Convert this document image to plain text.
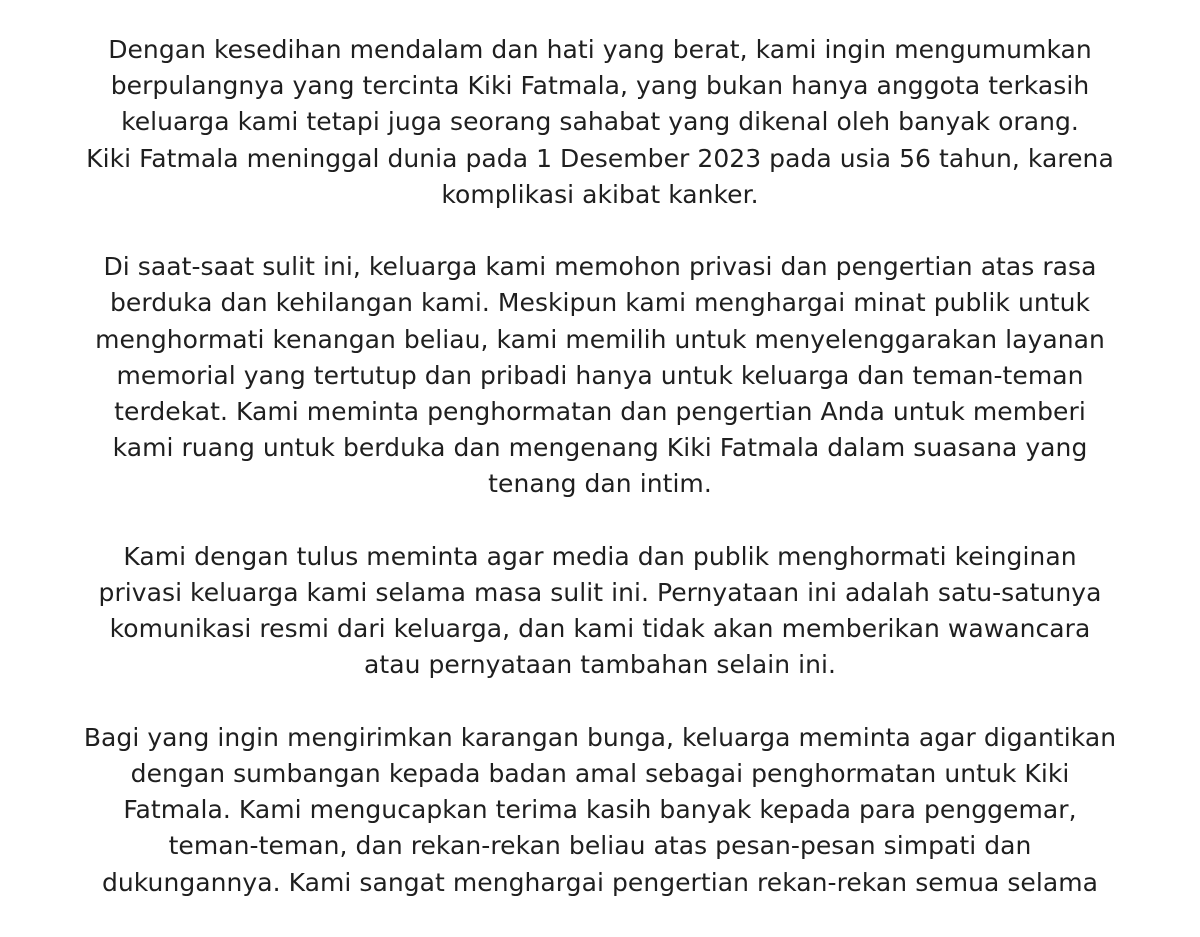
Dengan kesedihan mendalam dan hati yang berat, kami ingin mengumumkan
berpulangnya yang tercinta Kiki Fatmala, yang bukan hanya anggota terkasih
keluarga kami tetapi juga seorang sahabat yang dikenal oleh banyak orang.
Kiki Fatmala meninggal dunia pada 1 Desember 2023 pada usia 56 tahun, karena
komplikasi akibat kanker.

Di saat-saat sulit ini, keluarga kami memohon privasi dan pengertian atas rasa
berduka dan kehilangan kami. Meskipun kami menghargai minat publik untuk
menghormati kenangan beliau, kami memilih untuk menyelenggarakan layanan
memorial yang tertutup dan pribadi hanya untuk keluarga dan teman-teman
terdekat. Kami meminta penghormatan dan pengertian Anda untuk memberi
kami ruang untuk berduka dan mengenang Kiki Fatmala dalam suasana yang
tenang dan intim.

Kami dengan tulus meminta agar media dan publik menghormati keinginan
privasi keluarga kami selama masa sulit ini. Pernyataan ini adalah satu-satunya
komunikasi resmi dari keluarga, dan kami tidak akan memberikan wawancara
atau pernyataan tambahan selain ini.

Bagi yang ingin mengirimkan karangan bunga, keluarga meminta agar digantikan
dengan sumbangan kepada badan amal sebagai penghormatan untuk Kiki
Fatmala. Kami mengucapkan terima kasih banyak kepada para penggemar,
teman-teman, dan rekan-rekan beliau atas pesan-pesan simpati dan
dukungannya. Kami sangat menghargai pengertian rekan-rekan semua selama
